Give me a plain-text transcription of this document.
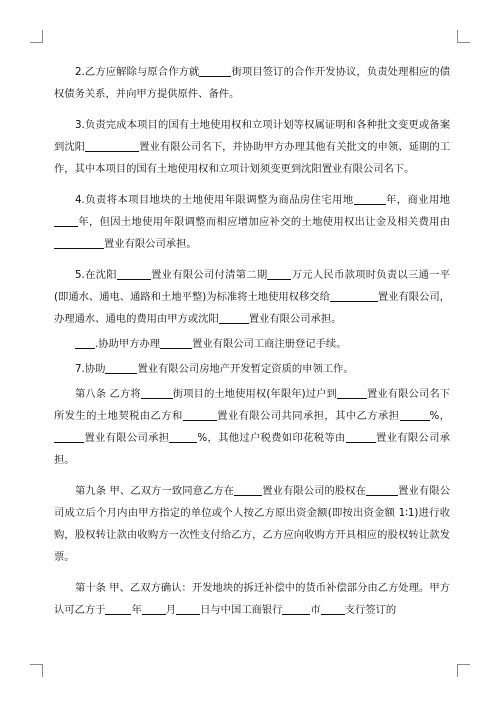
2.乙方应解除与原合作方就	街项目签订的合作开发协议，负责处理相应的债权债务关系，并向甲方提供原件、备件。

3.负责完成本项目的国有土地使用权和立项计划等权属证明和各种批文变更或备案到沈阳	置业有限公司名下，并协助甲方办理其他有关批文的申领、延期的工作，其中本项目的国有土地使用权和立项计划须变更到沈阳置业有限公司名下。

4.负责将本项目地块的土地使用年限调整为商品房住宅用地	年，商业用地年，但因土地使用年限调整而相应增加应补交的土地使用权出让金及相关费用由置业有限公司承担。

5.在沈阳	置业有限公司付清第二期 万元人民币款项时负责以三通一平(即通水、通电、通路和土地平整)为标准将土地使用权移交给	置业有限公司，办理通水、通电的费用由甲方或沈阳	置业有限公司承担。

.协助甲方办理	置业有限公司工商注册登记手续。

7.协助	置业有限公司房地产开发暂定资质的申领工作。

第八条 乙方将	街项目的土地使用权(年限年)过户到	置业有限公司名下所发生的土地契税由乙方和	置业有限公司共同承担，其中乙方承担	%，置业有限公司承担	%，其他过户税费如印花税等由	置业有限公司承担。

第九条 甲、乙双方一致同意乙方在	置业有限公司的股权在	置业有限公司成立后个月内由甲方指定的单位或个人按乙方原出资金额(即按出资金额 1∶1)进行收购，股权转让款由收购方一次性支付给乙方，乙方应向收购方开具相应的股权转让款发票。

第十条 甲、乙双方确认：开发地块的拆迁补偿中的货币补偿部分由乙方处理。甲方认可乙方于	年 月 日与中国工商银行	市 支行签订的
